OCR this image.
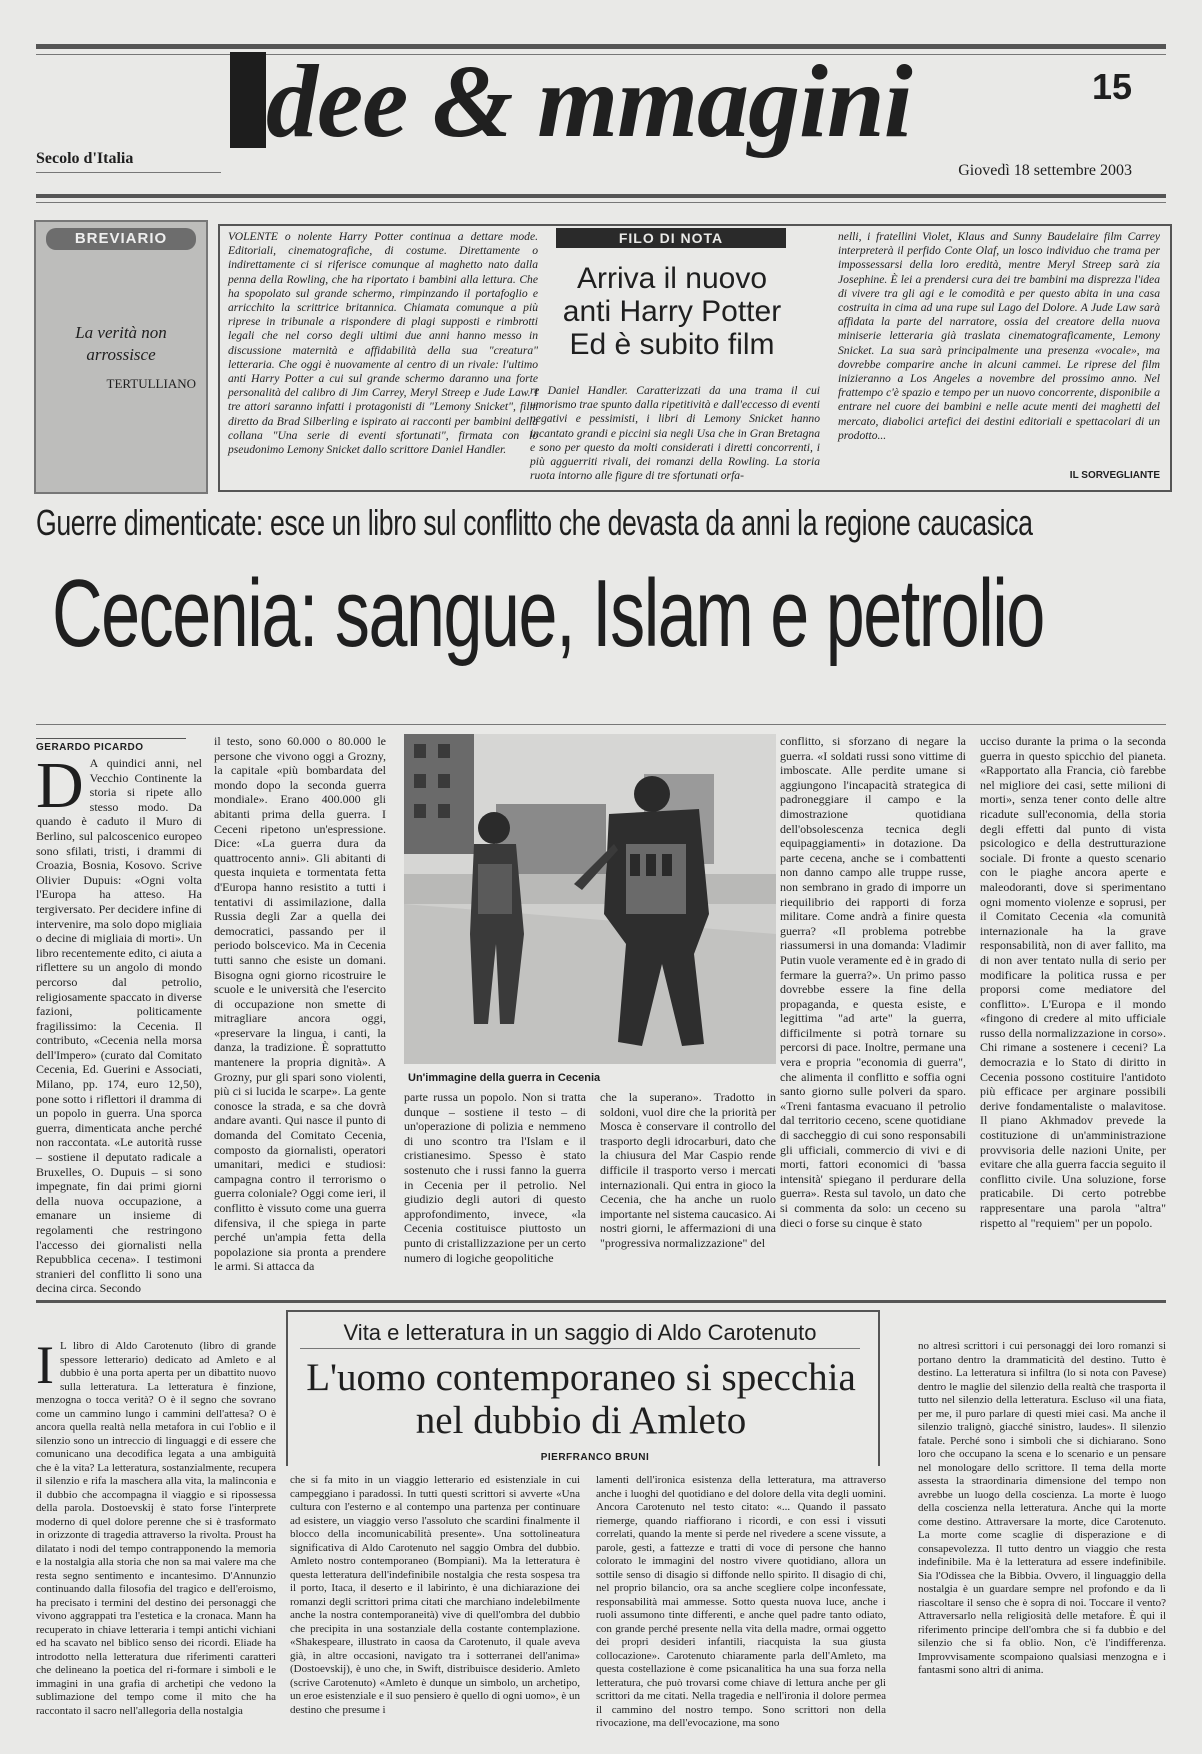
dee & mmagini	15
Secolo d'Italia
Giovedì 18 settembre 2003
BREVIARIO
La verità non arrossisce
TERTULLIANO

VOLENTE o nolente Harry Potter continua a dettare mode. Editoriali, cinematografiche, di costume. Direttamente o indirettamente ci si riferisce comunque al maghetto nato dalla penna della Rowling, che ha riportato i bambini alla lettura. Che ha spopolato sul grande schermo, rimpinzando il portafoglio e arricchito la scrittrice britannica. Chiamata comunque a più riprese in tribunale a rispondere di plagi supposti e rimbrotti legali che nel corso degli ultimi due anni hanno messo in discussione maternità e affidabilità della sua "creatura" letteraria. Che oggi è nuovamente al centro di un rivale: l'ultimo anti Harry Potter a cui sul grande schermo daranno una forte personalità del calibro di Jim Carrey, Meryl Streep e Jude Law. I tre attori saranno infatti i protagonisti di "Lemony Snicket", film diretto da Brad Silberling e ispirato ai racconti per bambini della collana "Una serie di eventi sfortunati", firmata con lo pseudonimo Lemony Snicket dallo scrittore Daniel Handler.

FILO DI NOTA
Arriva il nuovo anti Harry Potter Ed è subito film

re Daniel Handler. Caratterizzati da una trama il cui umorismo trae spunto dalla ripetitività e dall'eccesso di eventi negativi e pessimisti, i libri di Lemony Snicket hanno incantato grandi e piccini sia negli Usa che in Gran Bretagna e sono per questo da molti considerati i diretti concorrenti, i più agguerriti rivali, dei romanzi della Rowling. La storia ruota intorno alle figure di tre sfortunati orfa-

nelli, i fratellini Violet, Klaus and Sunny Baudelaire film Carrey interpreterà il perfido Conte Olaf, un losco individuo che trama per impossessarsi della loro eredità, mentre Meryl Streep sarà zia Josephine. È lei a prendersi cura dei tre bambini ma disprezza l'idea di vivere tra gli agi e le comodità e per questo abita in una casa costruita in cima ad una rupe sul Lago del Dolore. A Jude Law sarà affidata la parte del narratore, ossia del creatore della nuova miniserie letteraria già traslata cinematograficamente, Lemony Snicket. La sua sarà principalmente una presenza «vocale», ma dovrebbe comparire anche in alcuni cammei. Le riprese del film inizieranno a Los Angeles a novembre del prossimo anno. Nel frattempo c'è spazio e tempo per un nuovo concorrente, disponibile a entrare nel cuore dei bambini e nelle acute menti dei maghetti del mercato, diabolici artefici dei destini editoriali e spettacolari di un prodotto...

IL SORVEGLIANTE
Guerre dimenticate: esce un libro sul conflitto che devasta da anni la regione caucasica
Cecenia: sangue, Islam e petrolio
GERARDO PICARDO
D A quindici anni, nel Vecchio Continente la storia si ripete allo stesso modo. Da quando è caduto il Muro di Berlino, sul palcoscenico europeo sono sfilati, tristi, i drammi di Croazia, Bosnia, Kosovo. Scrive Olivier Dupuis: «Ogni volta l'Europa ha atteso. Ha tergiversato. Per decidere infine di intervenire, ma solo dopo migliaia o decine di migliaia di morti». Un libro recentemente edito, ci aiuta a riflettere su un angolo di mondo percorso dal petrolio, religiosamente spaccato in diverse fazioni, politicamente fragilissimo: la Cecenia. Il contributo, «Cecenia nella morsa dell'Impero» (curato dal Comitato Cecenia, Ed. Guerini e Associati, Milano, pp. 174, euro 12,50), pone sotto i riflettori il dramma di un popolo in guerra. Una sporca guerra, dimenticata anche perché non raccontata. «Le autorità russe – sostiene il deputato radicale a Bruxelles, O. Dupuis – si sono impegnate, fin dai primi giorni della nuova occupazione, a emanare un insieme di regolamenti che restringono l'accesso dei giornalisti nella Repubblica cecena». I testimoni stranieri del conflitto li sono una decina circa. Secondo

il testo, sono 60.000 o 80.000 le persone che vivono oggi a Grozny, la capitale «più bombardata del mondo dopo la seconda guerra mondiale». Erano 400.000 gli abitanti prima della guerra. I Ceceni ripetono un'espressione. Dice: «La guerra dura da quattrocento anni». Gli abitanti di questa inquieta e tormentata fetta d'Europa hanno resistito a tutti i tentativi di assimilazione, dalla Russia degli Zar a quella dei democratici, passando per il periodo bolscevico. Ma in Cecenia tutti sanno che esiste un domani. Bisogna ogni giorno ricostruire le scuole e le università che l'esercito di occupazione non smette di mitragliare ancora oggi, «preservare la lingua, i canti, la danza, la tradizione. È soprattutto mantenere la propria dignità». A Grozny, pur gli spari sono violenti, più ci si lucida le scarpe». La gente conosce la strada, e sa che dovrà andare avanti. Qui nasce il punto di domanda del Comitato Cecenia, composto da giornalisti, operatori umanitari, medici e studiosi: campagna contro il terrorismo o guerra coloniale? Oggi come ieri, il conflitto è vissuto come una guerra difensiva, il che spiega in parte perché un'ampia fetta della popolazione sia pronta a prendere le armi. Si attacca da

Un'immagine della guerra in Cecenia

parte russa un popolo. Non si tratta dunque – sostiene il testo – di un'operazione di polizia e nemmeno di uno scontro tra l'Islam e il cristianesimo. Spesso è stato sostenuto che i russi fanno la guerra in Cecenia per il petrolio. Nel giudizio degli autori di questo approfondimento, invece, «la Cecenia costituisce piuttosto un punto di cristallizzazione per un certo numero di logiche geopolitiche

che la superano». Tradotto in soldoni, vuol dire che la priorità per Mosca è conservare il controllo del trasporto degli idrocarburi, dato che la chiusura del Mar Caspio rende difficile il trasporto verso i mercati internazionali. Qui entra in gioco la Cecenia, che ha anche un ruolo importante nel sistema caucasico. Ai nostri giorni, le affermazioni di una "progressiva normalizzazione" del

conflitto, si sforzano di negare la guerra. «I soldati russi sono vittime di imboscate. Alle perdite umane si aggiungono l'incapacità strategica di padroneggiare il campo e la dimostrazione quotidiana dell'obsolescenza tecnica degli equipaggiamenti» in dotazione. Da parte cecena, anche se i combattenti non danno campo alle truppe russe, non sembrano in grado di imporre un riequilibrio dei rapporti di forza militare. Come andrà a finire questa guerra? «Il problema potrebbe riassumersi in una domanda: Vladimir Putin vuole veramente ed è in grado di fermare la guerra?». Un primo passo dovrebbe essere la fine della propaganda, e questa esiste, e legittima "ad arte" la guerra, difficilmente si potrà tornare su percorsi di pace. Inoltre, permane una vera e propria "economia di guerra", che alimenta il conflitto e soffia ogni santo giorno sulle polveri da sparo. «Treni fantasma evacuano il petrolio dal territorio ceceno, scene quotidiane di saccheggio di cui sono responsabili gli ufficiali, commercio di vivi e di morti, fattori economici di 'bassa intensità' spiegano il perdurare della guerra». Resta sul tavolo, un dato che si commenta da solo: un ceceno su dieci o forse su cinque è stato

ucciso durante la prima o la seconda guerra in questo spicchio del pianeta. «Rapportato alla Francia, ciò farebbe nel migliore dei casi, sette milioni di morti», senza tener conto delle altre ricadute sull'economia, della storia degli effetti dal punto di vista psicologico e della destrutturazione sociale. Di fronte a questo scenario con le piaghe ancora aperte e maleodoranti, dove si sperimentano ogni momento violenze e soprusi, per il Comitato Cecenia «la comunità internazionale ha la grave responsabilità, non di aver fallito, ma di non aver tentato nulla di serio per modificare la politica russa e per proporsi come mediatore del conflitto». L'Europa e il mondo «fingono di credere al mito ufficiale russo della normalizzazione in corso». Chi rimane a sostenere i ceceni? La democrazia e lo Stato di diritto in Cecenia possono costituire l'antidoto più efficace per arginare possibili derive fondamentaliste o malavitose. Il piano Akhmadov prevede la costituzione di un'amministrazione provvisoria delle nazioni Unite, per evitare che alla guerra faccia seguito il conflitto civile. Una soluzione, forse praticabile. Di certo potrebbe rappresentare una parola "altra" rispetto al "requiem" per un popolo.

Vita e letteratura in un saggio di Aldo Carotenuto
L'uomo contemporaneo si specchia nel dubbio di Amleto
PIERFRANCO BRUNI
I L libro di Aldo Carotenuto (libro di grande spessore letterario) dedicato ad Amleto e al dubbio è una porta aperta per un dibattito nuovo sulla letteratura. La letteratura è finzione, menzogna o tocca verità? O è il segno che sovrano come un cammino lungo i cammini dell'attesa? O è ancora quella realtà nella metafora in cui l'oblio e il silenzio sono un intreccio di linguaggi e di essere che comunicano una decodifica legata a una ambiguità che è la vita? La letteratura, sostanzialmente, recupera il silenzio e rifa la maschera alla vita, la malinconia e il dubbio che accompagna il viaggio e si ripossessa della parola. Dostoevskij è stato forse l'interprete moderno di quel dolore perenne che si è trasformato in orizzonte di tragedia attraverso la rivolta. Proust ha dilatato i nodi del tempo contrapponendo la memoria e la nostalgia alla storia che non sa mai valere ma che resta segno sentimento e incantesimo. D'Annunzio continuando dalla filosofia del tragico e dell'eroismo, ha precisato i termini del destino dei personaggi che vivono aggrappati tra l'estetica e la cronaca. Mann ha recuperato in chiave letteraria i tempi antichi vichiani ed ha scavato nel biblico senso dei ricordi. Eliade ha introdotto nella letteratura due riferimenti caratteri che delineano la poetica del ri-formare i simboli e le immagini in una grafia di archetipi che vedono la sublimazione del tempo come il mito che ha raccontato il sacro nell'allegoria della nostalgia

che si fa mito in un viaggio letterario ed esistenziale in cui campeggiano i paradossi. In tutti questi scrittori si avverte «Una cultura con l'esterno e al contempo una partenza per continuare ad esistere, un viaggio verso l'assoluto che scardini finalmente il blocco della incomunicabilità presente». Una sottolineatura significativa di Aldo Carotenuto nel saggio Ombra del dubbio. Amleto nostro contemporaneo (Bompiani). Ma la letteratura è questa letteratura dell'indefinibile nostalgia che resta sospesa tra il porto, Itaca, il deserto e il labirinto, è una dichiarazione dei romanzi degli scrittori prima citati che marchiano indelebilmente anche la nostra contemporaneità) vive di quell'ombra del dubbio che precipita in una sostanziale della costante contemplazione. «Shakespeare, illustrato in caosa da Carotenuto, il quale aveva già, in altre occasioni, navigato tra i sotterranei dell'anima» (Dostoevskij), è uno che, in Swift, distribuisce desiderio. Amleto (scrive Carotenuto) «Amleto è dunque un simbolo, un archetipo, un eroe esistenziale e il suo pensiero è quello di ogni uomo», è un destino che presume i

lamenti dell'ironica esistenza della letteratura, ma attraverso anche i luoghi del quotidiano e del dolore della vita degli uomini. Ancora Carotenuto nel testo citato: «... Quando il passato riemerge, quando riaffiorano i ricordi, e con essi i vissuti correlati, quando la mente si perde nel rivedere a scene vissute, a parole, gesti, a fattezze e tratti di voce di persone che hanno colorato le immagini del nostro vivere quotidiano, allora un sottile senso di disagio si diffonde nello spirito. Il disagio di chi, nel proprio bilancio, ora sa anche scegliere colpe inconfessate, responsabilità mai ammesse. Sotto questa nuova luce, anche i ruoli assumono tinte differenti, e anche quel padre tanto odiato, con grande perché presente nella vita della madre, ormai oggetto dei propri desideri infantili, riacquista la sua giusta collocazione». Carotenuto chiaramente parla dell'Amleto, ma questa costellazione è come psicanalitica ha una sua forza nella letteratura, che può trovarsi come chiave di lettura anche per gli scrittori da me citati. Nella tragedia e nell'ironia il dolore permea il cammino del nostro tempo. Sono scrittori non della rivocazione, ma dell'evocazione, ma sono

no altresì scrittori i cui personaggi dei loro romanzi si portano dentro la drammaticità del destino. Tutto è destino. La letteratura si infiltra (lo si nota con Pavese) dentro le maglie del silenzio della realtà che trasporta il tutto nel silenzio della letteratura. Escluso «il una fiata, per me, il puro parlare di questi miei casi. Ma anche il silenzio tralignò, giacché sinistro, laudes». Il silenzio fatale. Perché sono i simboli che si dichiarano. Sono loro che occupano la scena e lo scenario e un pensare nel monologare dello scrittore. Il tema della morte assesta la straordinaria dimensione del tempo non avrebbe un luogo della coscienza. La morte è luogo della coscienza nella letteratura. Anche qui la morte come destino. Attraversare la morte, dice Carotenuto. La morte come scaglie di disperazione e di consapevolezza. Il tutto dentro un viaggio che resta indefinibile. Ma è la letteratura ad essere indefinibile. Sia l'Odissea che la Bibbia. Ovvero, il linguaggio della nostalgia è un guardare sempre nel profondo e da lì riascoltare il senso che è sopra di noi. Toccare il vento? Attraversarlo nella religiosità delle metafore. È qui il riferimento principe dell'ombra che si fa dubbio e del silenzio che si fa oblio. Non, c'è l'indifferenza. Improvvisamente scompaiono qualsiasi menzogna e i fantasmi sono altri di anima.
